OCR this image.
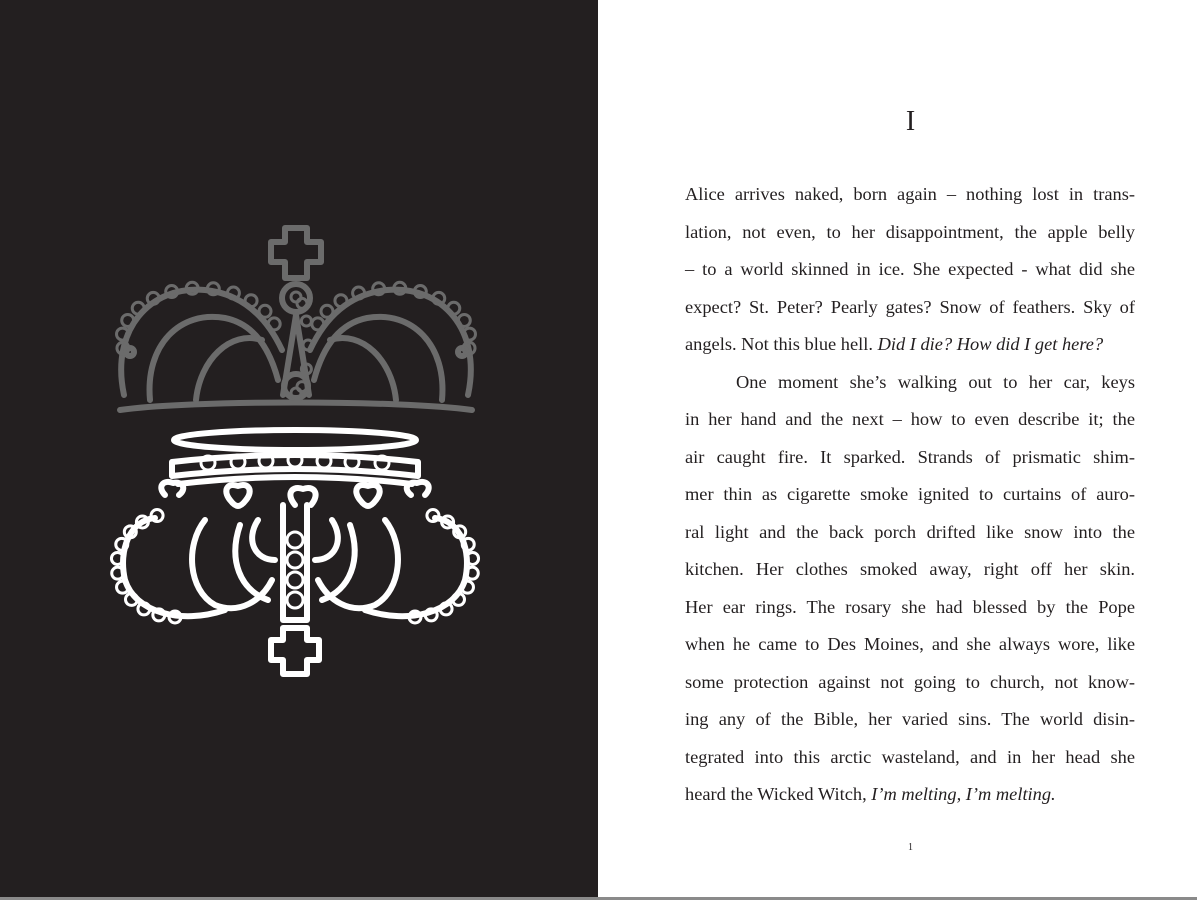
I
Alice arrives naked, born again – nothing lost in trans-
lation, not even, to her disappointment, the apple belly
– to a world skinned in ice. She expected - what did she
expect? St. Peter? Pearly gates? Snow of feathers. Sky of
angels. Not this blue hell. Did I die? How did I get here?
One moment she’s walking out to her car, keys
in her hand and the next – how to even describe it; the
air caught fire. It sparked. Strands of prismatic shim-
mer thin as cigarette smoke ignited to curtains of auro-
ral light and the back porch drifted like snow into the
kitchen. Her clothes smoked away, right off her skin.
Her ear rings. The rosary she had blessed by the Pope
when he came to Des Moines, and she always wore, like
some protection against not going to church, not know-
ing any of the Bible, her varied sins. The world disin-
tegrated into this arctic wasteland, and in her head she
heard the Wicked Witch, I’m melting, I’m melting.
1
